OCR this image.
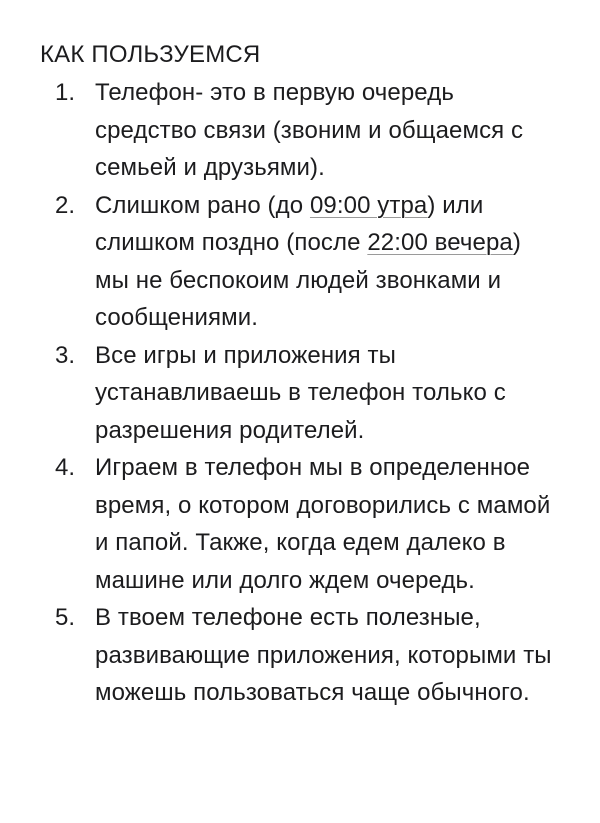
КАК ПОЛЬЗУЕМСЯ
1. Телефон- это в первую очередь средство связи (звоним и общаемся с семьей и друзьями).
2. Слишком рано (до 09:00 утра) или слишком поздно (после 22:00 вечера) мы не беспокоим людей звонками и сообщениями.
3. Все игры и приложения ты устанавливаешь в телефон только с разрешения родителей.
4. Играем в телефон мы в определенное время, о котором договорились с мамой и папой. Также, когда едем далеко в машине или долго ждем очередь.
5. В твоем телефоне есть полезные, развивающие приложения, которыми ты можешь пользоваться чаще обычного.
